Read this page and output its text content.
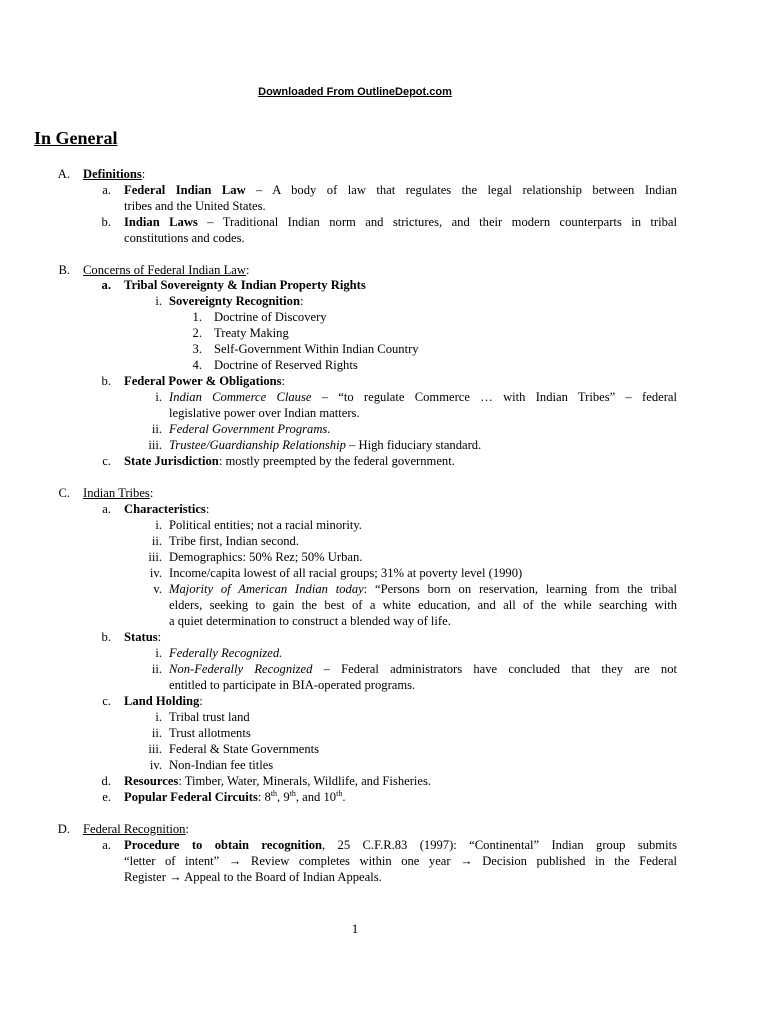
Downloaded From OutlineDepot.com
In General
A. Definitions:
a. Federal Indian Law – A body of law that regulates the legal relationship between Indian
tribes and the United States.
b. Indian Laws – Traditional Indian norm and strictures, and their modern counterparts in tribal
constitutions and codes.
B. Concerns of Federal Indian Law:
a. Tribal Sovereignty & Indian Property Rights
i. Sovereignty Recognition:
1. Doctrine of Discovery
2. Treaty Making
3. Self-Government Within Indian Country
4. Doctrine of Reserved Rights
b. Federal Power & Obligations:
i. Indian Commerce Clause – “to regulate Commerce … with Indian Tribes” – federal
legislative power over Indian matters.
ii. Federal Government Programs.
iii. Trustee/Guardianship Relationship – High fiduciary standard.
c. State Jurisdiction: mostly preempted by the federal government.
C. Indian Tribes:
a. Characteristics:
i. Political entities; not a racial minority.
ii. Tribe first, Indian second.
iii. Demographics: 50% Rez; 50% Urban.
iv. Income/capita lowest of all racial groups; 31% at poverty level (1990)
v. Majority of American Indian today: “Persons born on reservation, learning from the tribal
elders, seeking to gain the best of a white education, and all of the while searching with
a quiet determination to construct a blended way of life.
b. Status:
i. Federally Recognized.
ii. Non-Federally Recognized – Federal administrators have concluded that they are not
entitled to participate in BIA-operated programs.
c. Land Holding:
i. Tribal trust land
ii. Trust allotments
iii. Federal & State Governments
iv. Non-Indian fee titles
d. Resources: Timber, Water, Minerals, Wildlife, and Fisheries.
e. Popular Federal Circuits: 8th, 9th, and 10th.
D. Federal Recognition:
a. Procedure to obtain recognition, 25 C.F.R.83 (1997): “Continental” Indian group submits
“letter of intent” → Review completes within one year → Decision published in the Federal
Register → Appeal to the Board of Indian Appeals.
1
